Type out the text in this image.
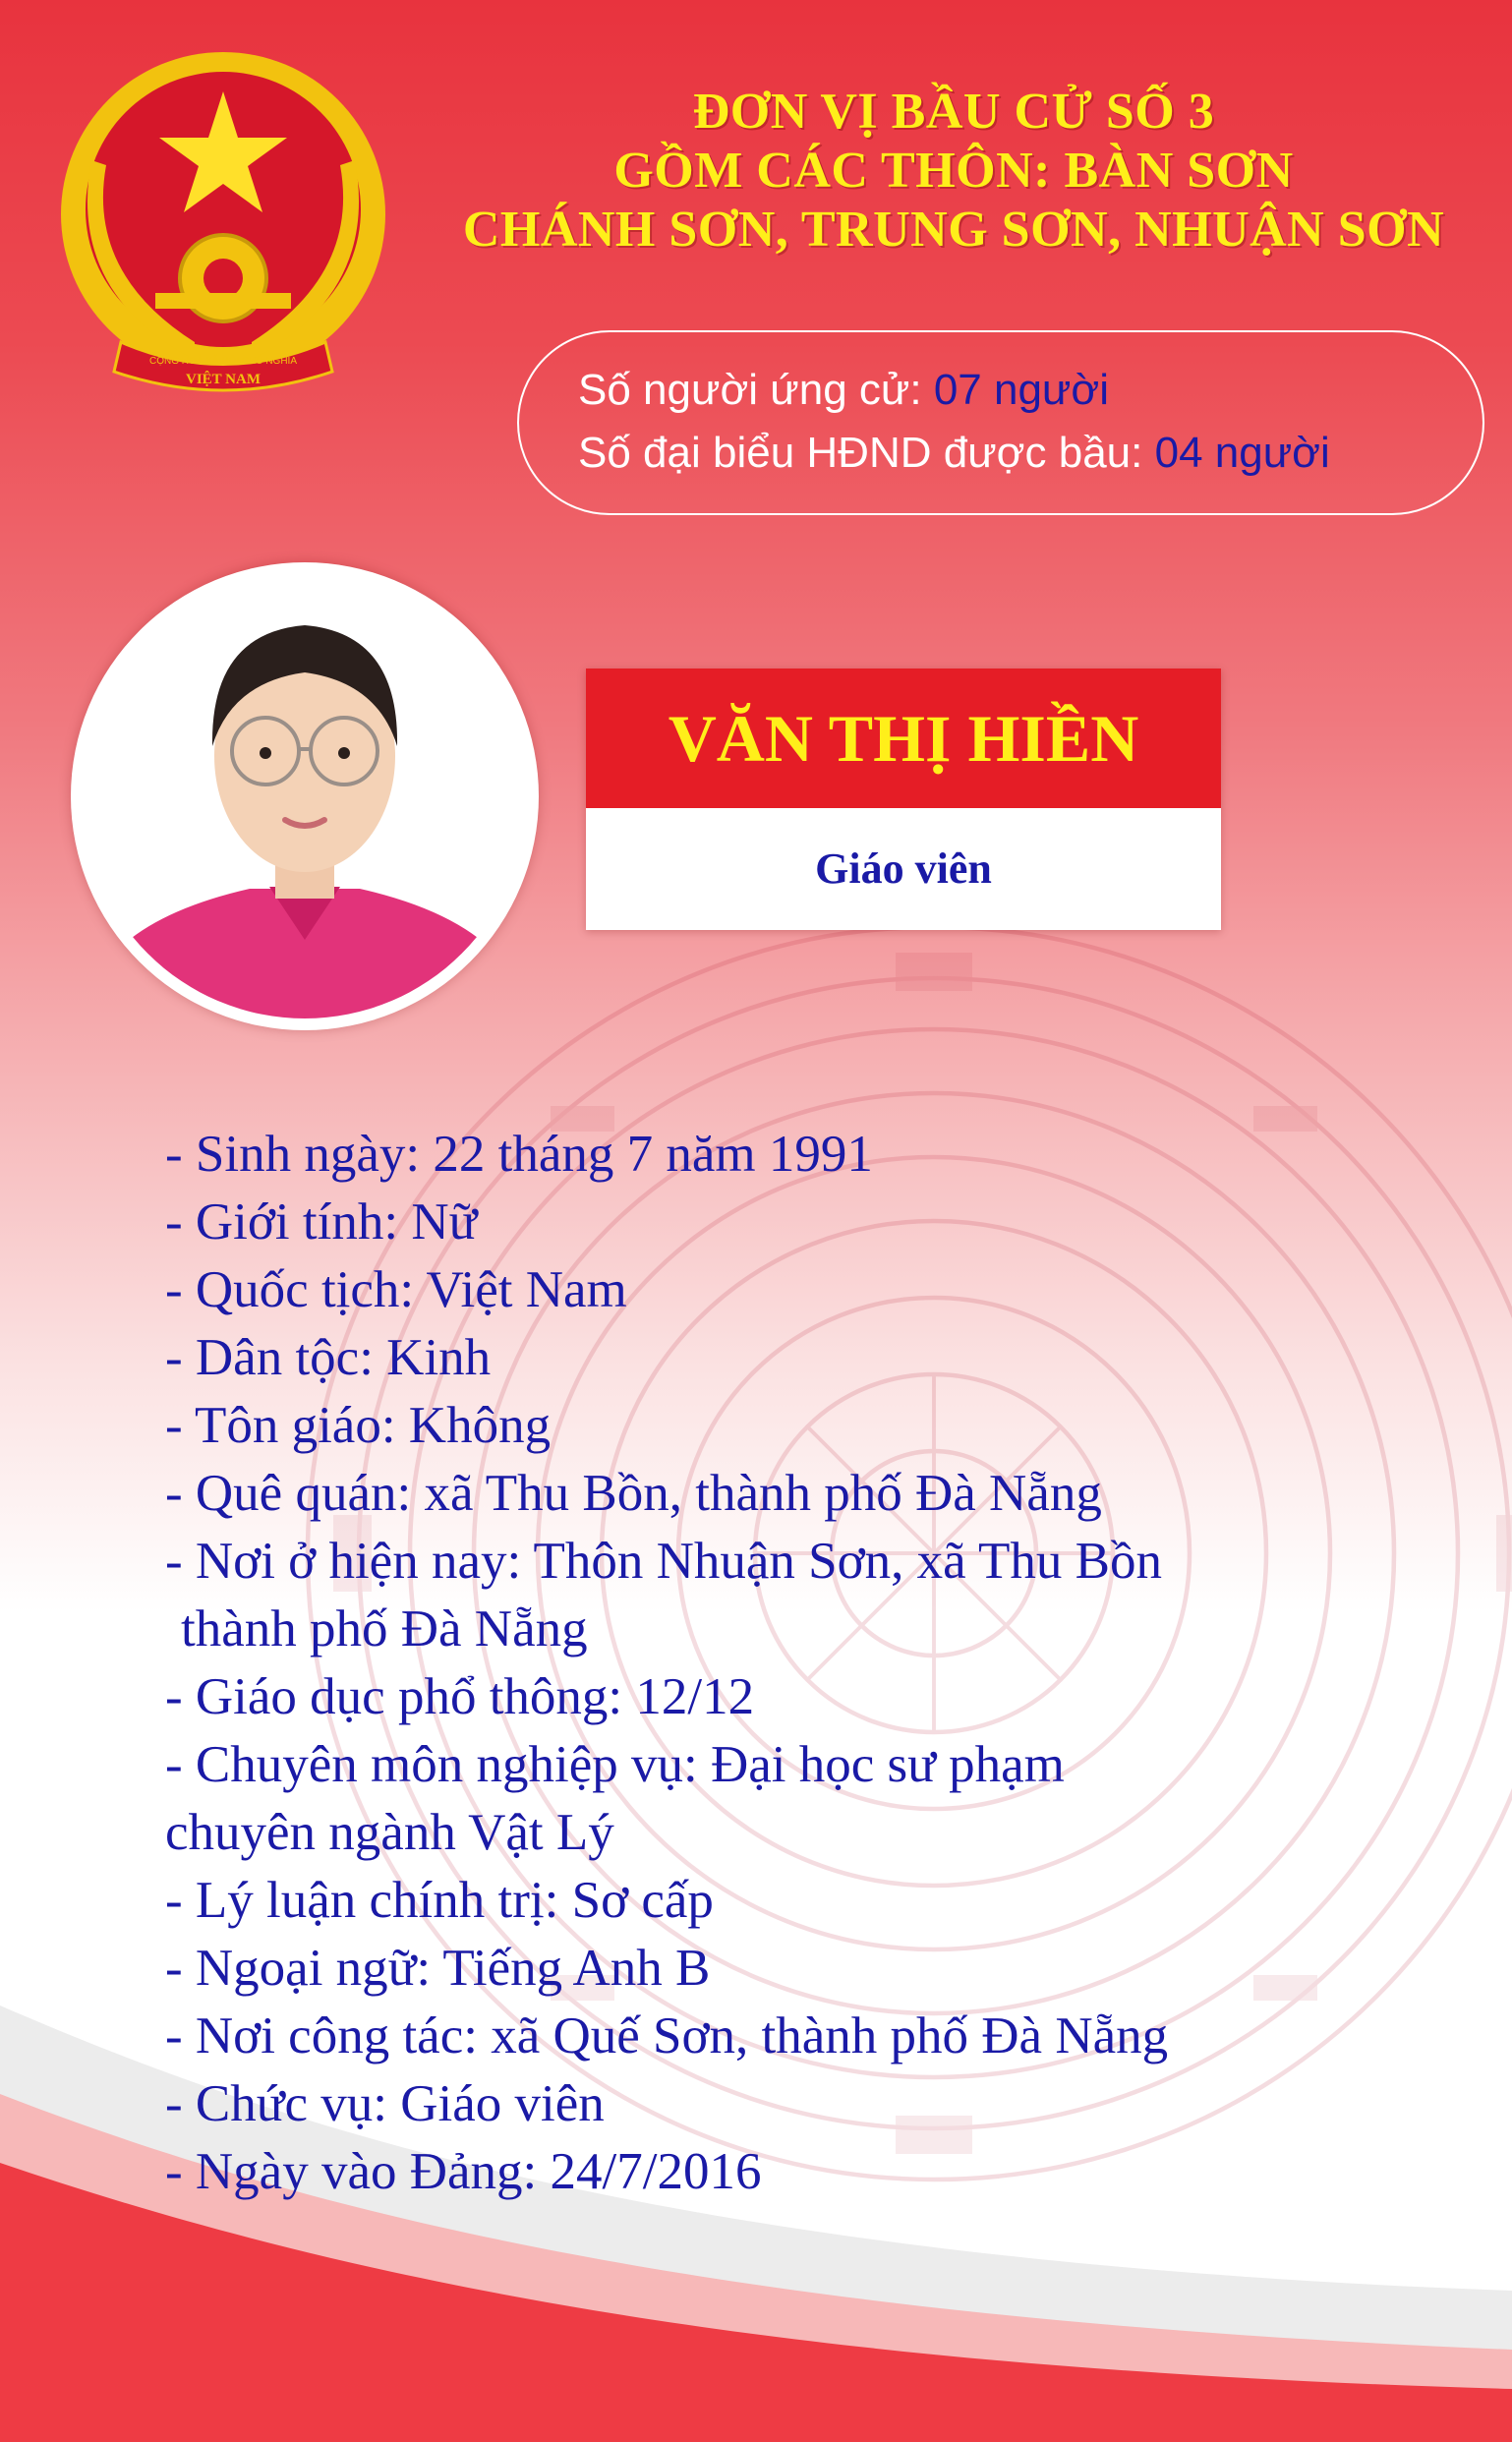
CỘNG HOÀ XÃ HỘI CHỦ NGHĨA
VIỆT NAM
ĐƠN VỊ BẦU CỬ SỐ 3
GỒM CÁC THÔN: BÀN SƠN
CHÁNH SƠN, TRUNG SƠN, NHUẬN SƠN
Số người ứng cử: 07 người
Số đại biểu HĐND được bầu: 04 người
VĂN THỊ HIỀN
Giáo viên
- Sinh ngày: 22 tháng 7 năm 1991
- Giới tính: Nữ
- Quốc tịch: Việt Nam
- Dân tộc: Kinh
- Tôn giáo: Không
- Quê quán: xã Thu Bồn, thành phố Đà Nẵng
- Nơi ở hiện nay: Thôn Nhuận Sơn, xã Thu Bồn
thành phố Đà Nẵng
- Giáo dục phổ thông: 12/12
- Chuyên môn nghiệp vụ: Đại học sư phạm
chuyên ngành Vật Lý
- Lý luận chính trị: Sơ cấp
- Ngoại ngữ: Tiếng Anh B
- Nơi công tác: xã Quế Sơn, thành phố Đà Nẵng
- Chức vụ: Giáo viên
- Ngày vào Đảng: 24/7/2016
